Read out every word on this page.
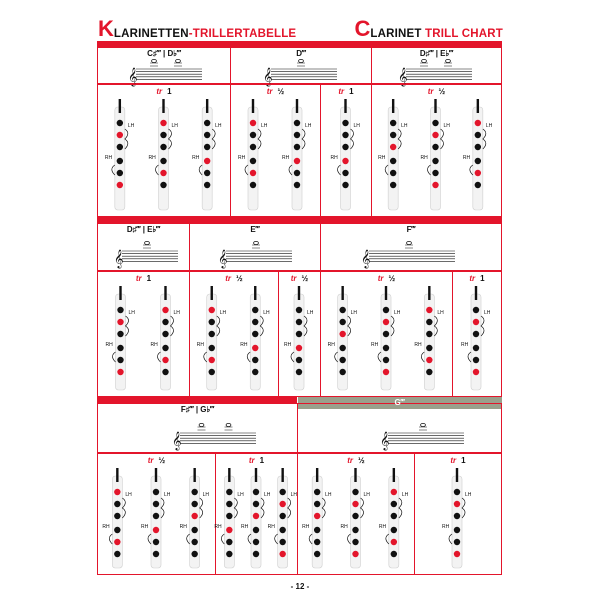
KLARINETTEN-TRILLERTABELLE	CLARINET TRILL CHART
C♯‴ | D♭‴
𝄞
D‴
𝄞
D♯‴ | E♭‴
𝄞
tr 1
LH
RH
LH
RH
LH
RH
tr ½
LH
RH
LH
RH
tr 1
LH
RH
tr ½
LH
RH
LH
RH
LH
RH
D♯‴ | E♭‴
𝄞
E‴
𝄞
F‴
𝄞
tr 1
LH
RH
LH
RH
tr ½
LH
RH
LH
RH
tr ½
LH
RH
tr ½
LH
RH
LH
RH
LH
RH
tr 1
LH
RH
F♯‴ | G♭‴
𝄞
G‴
𝄞
tr ½
LH
RH
LH
RH
LH
RH
tr 1
LH
RH
LH
RH
LH
RH
tr ½
LH
RH
LH
RH
LH
RH
tr 1
LH
RH
- 12 -
